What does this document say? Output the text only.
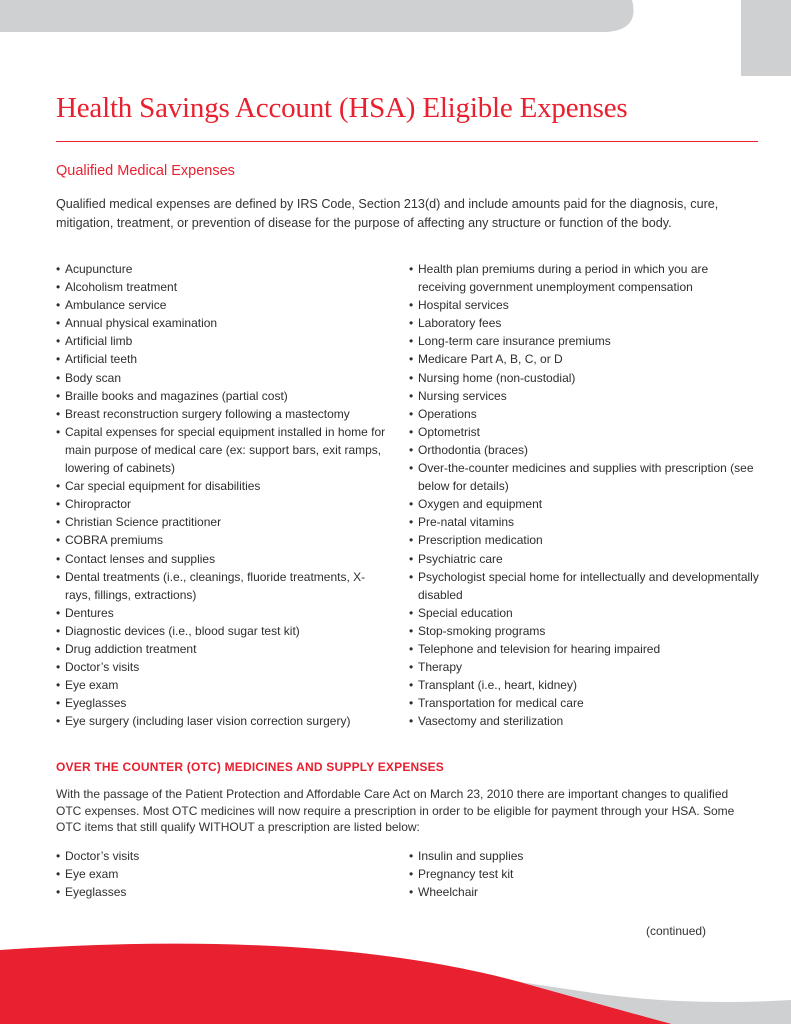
Health Savings Account (HSA) Eligible Expenses
Qualified Medical Expenses

Qualified medical expenses are defined by IRS Code, Section 213(d) and include amounts paid for the diagnosis, cure, mitigation, treatment, or prevention of disease for the purpose of affecting any structure or function of the body.

• Acupuncture
• Alcoholism treatment
• Ambulance service
• Annual physical examination
• Artificial limb
• Artificial teeth
• Body scan
• Braille books and magazines (partial cost)
• Breast reconstruction surgery following a mastectomy
• Capital expenses for special equipment installed in home for main purpose of medical care (ex: support bars, exit ramps, lowering of cabinets)
• Car special equipment for disabilities
• Chiropractor
• Christian Science practitioner
• COBRA premiums
• Contact lenses and supplies
• Dental treatments (i.e., cleanings, fluoride treatments, X-rays, fillings, extractions)
• Dentures
• Diagnostic devices (i.e., blood sugar test kit)
• Drug addiction treatment
• Doctor’s visits
• Eye exam
• Eyeglasses
• Eye surgery (including laser vision correction surgery)
• Health plan premiums during a period in which you are receiving government unemployment compensation
• Hospital services
• Laboratory fees
• Long-term care insurance premiums
• Medicare Part A, B, C, or D
• Nursing home (non-custodial)
• Nursing services
• Operations
• Optometrist
• Orthodontia (braces)
• Over-the-counter medicines and supplies with prescription (see below for details)
• Oxygen and equipment
• Pre-natal vitamins
• Prescription medication
• Psychiatric care
• Psychologist special home for intellectually and developmentally disabled
• Special education
• Stop-smoking programs
• Telephone and television for hearing impaired
• Therapy
• Transplant (i.e., heart, kidney)
• Transportation for medical care
• Vasectomy and sterilization
OVER THE COUNTER (OTC) MEDICINES AND SUPPLY EXPENSES

With the passage of the Patient Protection and Affordable Care Act on March 23, 2010 there are important changes to qualified OTC expenses. Most OTC medicines will now require a prescription in order to be eligible for payment through your HSA. Some OTC items that still qualify WITHOUT a prescription are listed below:

• Doctor’s visits
• Eye exam
• Eyeglasses
• Insulin and supplies
• Pregnancy test kit
• Wheelchair

(continued)
